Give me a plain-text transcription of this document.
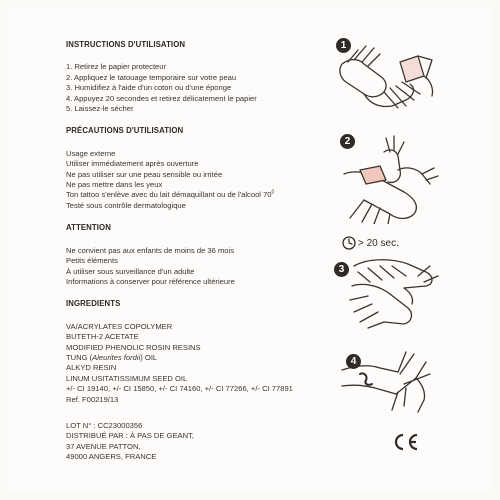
INSTRUCTIONS D'UTILISATION
1. Retirez le papier protecteur
2. Appliquez le tatouage temporaire sur votre peau
3. Humidifiez à l'aide d'un coton ou d'une éponge
4. Appuyez 20 secondes et retirez délicatement le papier
5. Laissez-le sécher
PRÉCAUTIONS D'UTILISATION
Usage externe
Utiliser immédiatement après ouverture
Ne pas utiliser sur une peau sensible ou irritée
Ne pas mettre dans les yeux
Ton tattoo s'enlève avec du lait démaquillant ou de l'alcool $70^0$
Testé sous contrôle dermatologique
ATTENTION
Ne convient pas aux enfants de moins de 36 mois
Petits éléments
À utiliser sous surveillance d'un adulte
Informations à conserver pour référence ultérieure
INGREDIENTS
VA/ACRYLATES COPOLYMER
BUTETH-2 ACETATE
MODIFIED PHENOLIC ROSIN RESINS
TUNG (Aleurites fordii) OIL
ALKYD RESIN
LINUM USITATISSIMUM SEED OIL
+/- CI 19140, +/- CI 15850, +/- CI 74160, +/- CI 77266, +/- CI 77891
Ref. F00219/13
LOT N° : CC23000356
DISTRIBUÉ PAR : À PAS DE GEANT,
37 AVENUE PATTON,
49000 ANGERS, FRANCE
1
2
> 20 sec.
3
4
